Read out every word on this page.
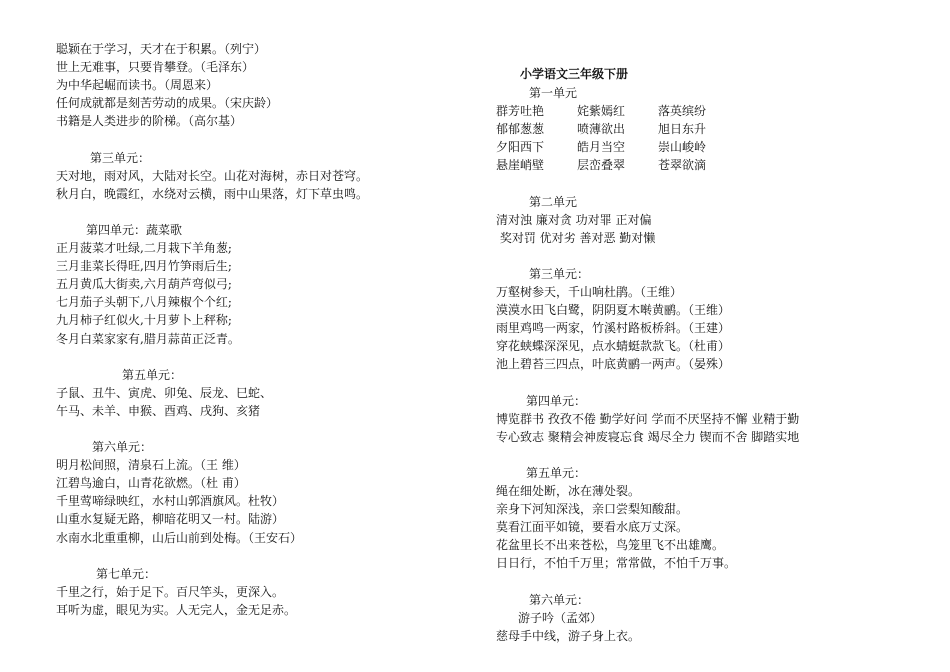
聪颖在于学习，天才在于积累。（列宁）
世上无难事，只要肯攀登。（毛泽东）
为中华起崛而读书。（周恩来）
任何成就都是刻苦劳动的成果。（宋庆龄）
书籍是人类进步的阶梯。（高尔基）
第三单元：
天对地，雨对风，大陆对长空。山花对海树，赤日对苍穹。
秋月白，晚霞红，水绕对云横，雨中山果落，灯下草虫鸣。
第四单元：蔬菜歌
正月菠菜才吐绿,二月栽下羊角葱;
三月韭菜长得旺,四月竹笋雨后生;
五月黄瓜大街卖,六月葫芦弯似弓;
七月茄子头朝下,八月辣椒个个红;
九月柿子红似火,十月萝卜上秤称;
冬月白菜家家有,腊月蒜苗正泛青。
第五单元：
子鼠、丑牛、寅虎、卯兔、辰龙、巳蛇、
午马、未羊、申猴、酉鸡、戌狗、亥猪
第六单元：
明月松间照，清泉石上流。（王 维）
江碧鸟逾白，山青花欲燃。（杜 甫）
千里莺啼绿映红，水村山郭酒旗风。杜牧）
山重水复疑无路，柳暗花明又一村。陆游）
水南水北重重柳，山后山前到处梅。（王安石）
第七单元：
千里之行，始于足下。百尺竿头，更深入。
耳听为虚，眼见为实。人无完人，金无足赤。
小学语文三年级下册
第一单元
群芳吐艳	姹紫嫣红	落英缤纷
郁郁葱葱	喷薄欲出	旭日东升
夕阳西下	皓月当空	崇山峻岭
悬崖峭壁	层峦叠翠	苍翠欲滴
第二单元
清对浊 廉对贪 功对罪 正对偏
奖对罚 优对劣 善对恶 勤对懒
第三单元：
万壑树参天，千山响杜鹃。（王维）
漠漠水田飞白鹭，阴阴夏木啭黄鹂。（王维）
雨里鸡鸣一两家，竹溪村路板桥斜。（王建）
穿花蛱蝶深深见，点水蜻蜓款款飞。（杜甫）
池上碧苔三四点，叶底黄鹂一两声。（晏殊）
第四单元：
博览群书 孜孜不倦 勤学好问 学而不厌坚持不懈 业精于勤
专心致志 聚精会神废寝忘食 竭尽全力 锲而不舍 脚踏实地
第五单元：
绳在细处断，冰在薄处裂。
亲身下河知深浅，亲口尝梨知酸甜。
莫看江面平如镜，要看水底万丈深。
花盆里长不出来苍松，鸟笼里飞不出雄鹰。
日日行，不怕千万里；常常做，不怕千万事。
第六单元：
游子吟（孟郊）
慈母手中线，游子身上衣。
